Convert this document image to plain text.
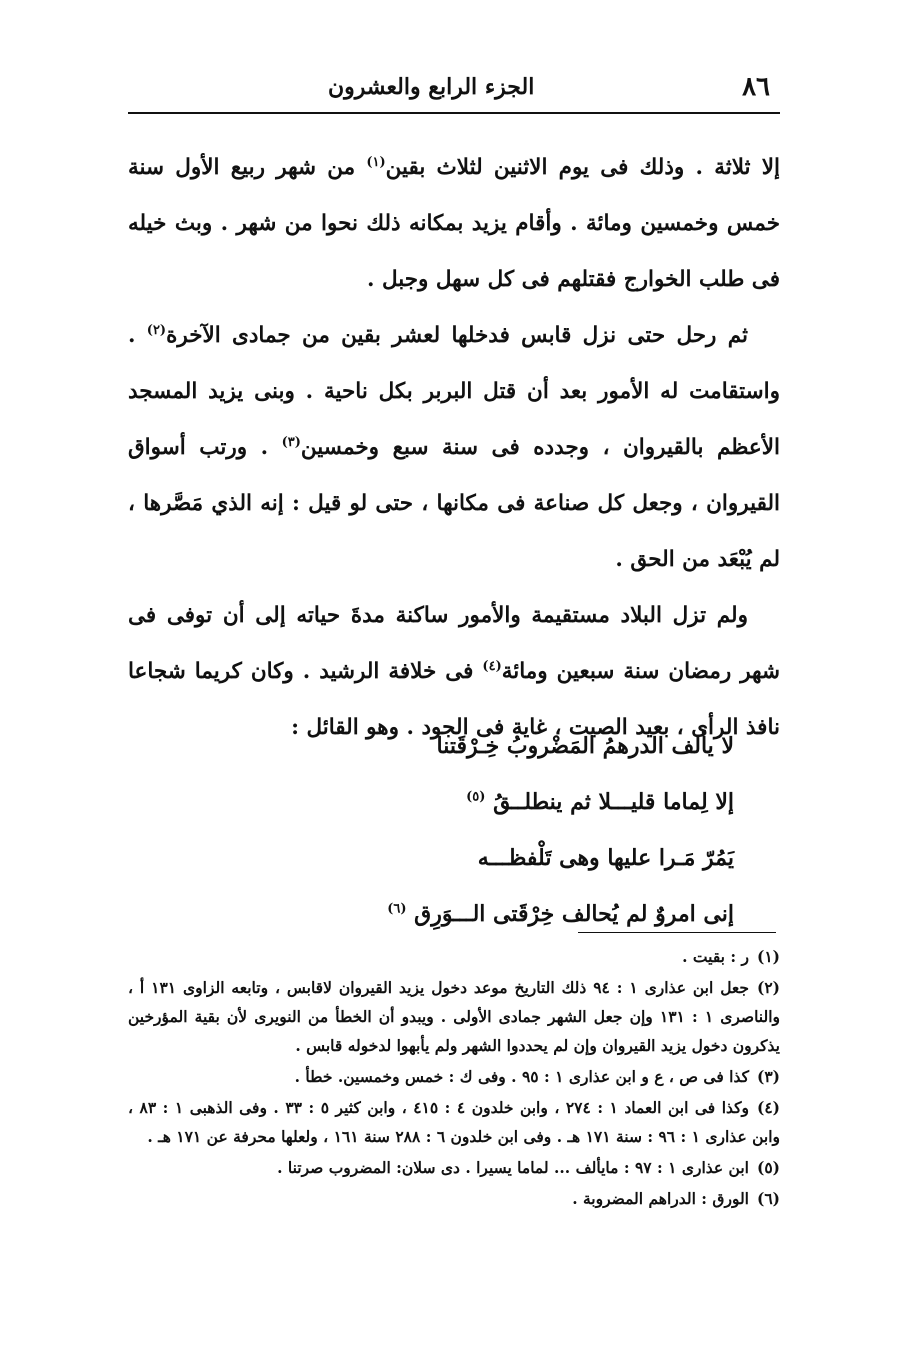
٨٦
الجزء الرابع والعشرون

إلا ثلاثة . وذلك فى يوم الاثنين لثلاث بقين$^{(١)}$ من شهر ربيع الأول سنة خمس وخمسين ومائة . وأقام يزيد بمكانه ذلك نحوا من شهر . وبث خيله فى طلب الخوارج فقتلهم فى كل سهل وجبل .

ثم رحل حتى نزل قابس فدخلها لعشر بقين من جمادى الآخرة$^{(٢)}$ . واستقامت له الأمور بعد أن قتل البربر بكل ناحية . وبنى يزيد المسجد الأعظم بالقيروان ، وجدده فى سنة سبع وخمسين$^{(٣)}$ . ورتب أسواق القيروان ، وجعل كل صناعة فى مكانها ، حتى لو قيل : إنه الذي مَصَّرها ، لم يُبْعَد من الحق .

ولم تزل البلاد مستقيمة والأمور ساكنة مدةَ حياته إلى أن توفى فى شهر رمضان سنة سبعين ومائة$^{(٤)}$ فى خلافة الرشيد . وكان كريما شجاعا نافذ الرأى ، بعيد الصيت ، غاية فى الجود . وهو القائل :

لا يألف الدرهمُ المَضْروبُ خِـرْقَتنا
إلا لِماما قليـــلا ثم ينطلــقُ $^{(٥)}$
يَمُرّ مَـرا عليها وهى تَلْفظـــه
إنى امروٌ لم يُحالف خِرْقَتى الـــوَرِق $^{(٦)}$

(١)ر : بقيت .

(٢)جعل ابن عذارى ١ : ٩٤ ذلك التاريخ موعد دخول يزيد القيروان لاقابس ، وتابعه الزاوى ١٣١ أ ، والناصرى ١ : ١٣١ وإن جعل الشهر جمادى الأولى . ويبدو أن الخطأ من النويرى لأن بقية المؤرخين يذكرون دخول يزيد القيروان وإن لم يحددوا الشهر ولم يأبهوا لدخوله قابس .

(٣)كذا فى ص ، ع و ابن عذارى ١ : ٩٥ . وفى ك : خمس وخمسين. خطأ .

(٤)وكذا فى ابن العماد ١ : ٢٧٤ ، وابن خلدون ٤ : ٤١٥ ، وابن كثير ٥ : ٣٣ . وفى الذهبى ١ : ٨٣ ، وابن عذارى ١ : ٩٦ : سنة ١٧١ هـ . وفى ابن خلدون ٦ : ٢٨٨ سنة ١٦١ ، ولعلها محرفة عن ١٧١ هـ .

(٥)ابن عذارى ١ : ٩٧ : مايألف ... لماما يسيرا . دى سلان: المضروب صرتنا .

(٦)الورق : الدراهم المضروبة .
